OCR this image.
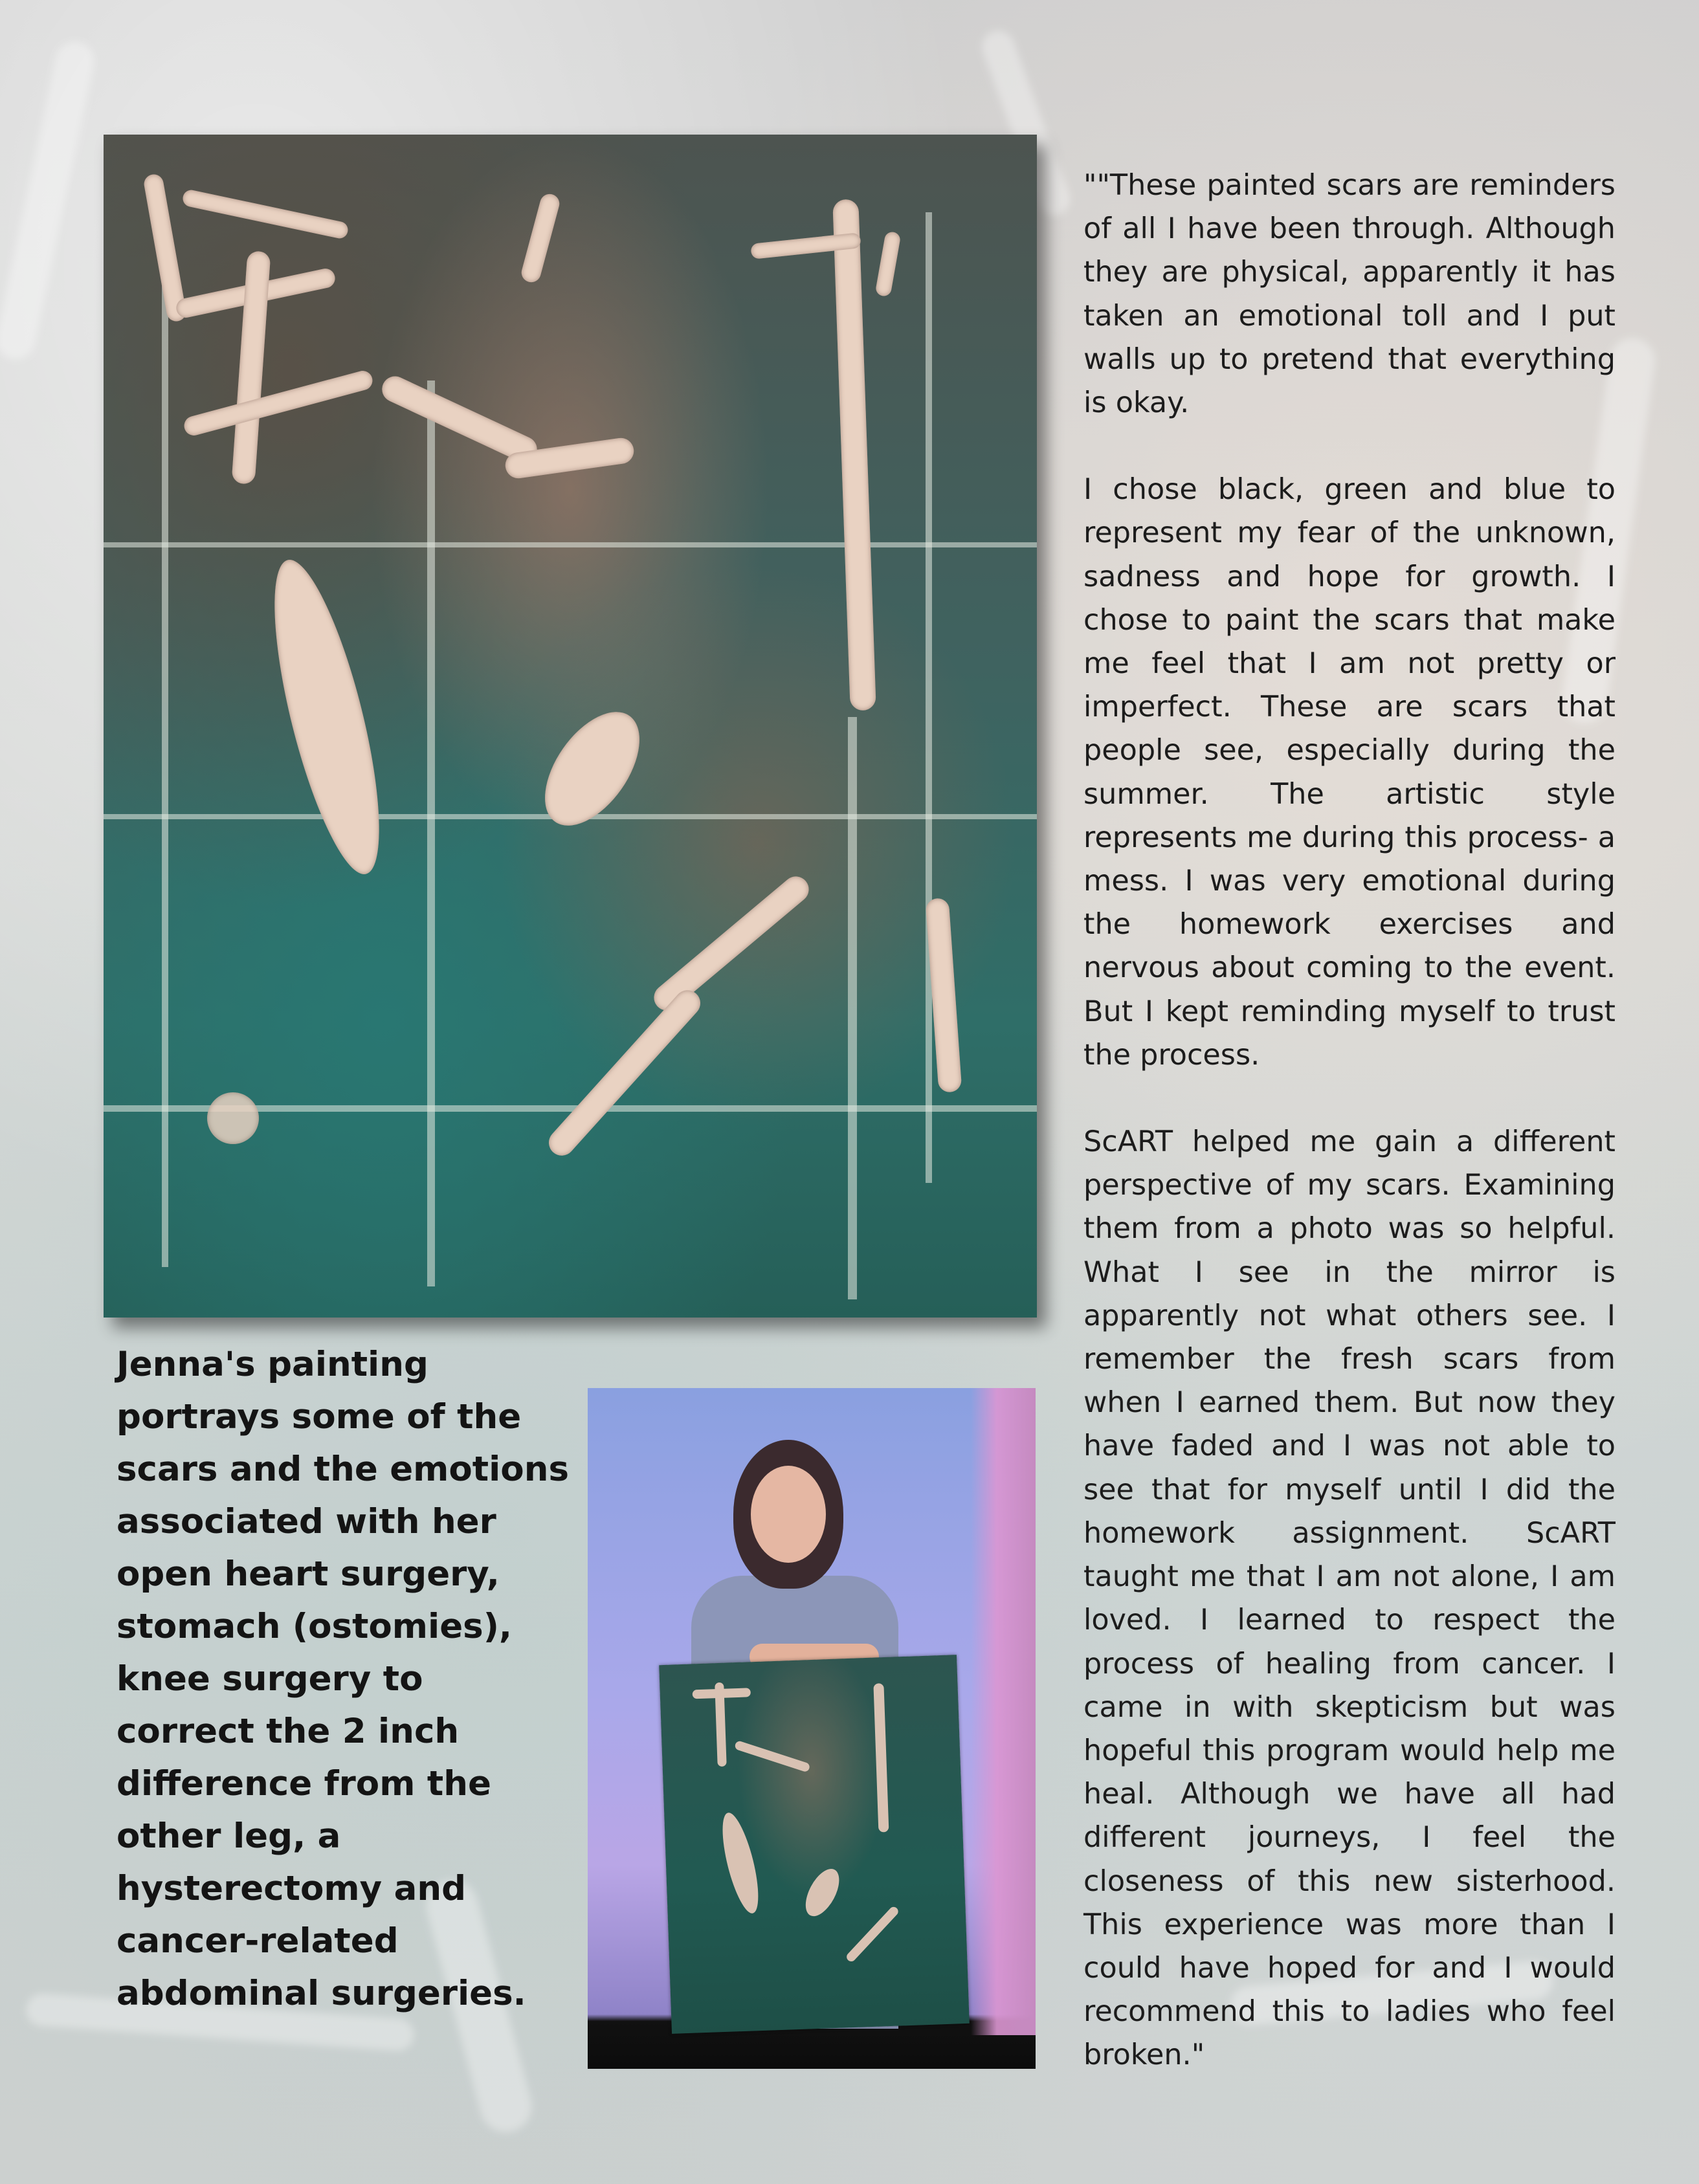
Jenna's painting portrays some of the scars and the emotions associated with her open heart surgery, stomach (ostomies), knee surgery to correct the 2 inch difference from the other leg, a hysterectomy and cancer-related abdominal surgeries.

""These painted scars are reminders of all I have been through. Although they are physical, apparently it has taken an emotional toll and I put walls up to pretend that everything is okay.

I chose black, green and blue to represent my fear of the unknown, sadness and hope for growth. I chose to paint the scars that make me feel that I am not pretty or imperfect. These are scars that people see, especially during the summer. The artistic style represents me during this process- a mess. I was very emotional during the homework exercises and nervous about coming to the event. But I kept reminding myself to trust the process.

ScART helped me gain a different perspective of my scars. Examining them from a photo was so helpful. What I see in the mirror is apparently not what others see. I remember the fresh scars from when I earned them. But now they have faded and I was not able to see that for myself until I did the homework assignment. ScART taught me that I am not alone, I am loved. I learned to respect the process of healing from cancer. I came in with skepticism but was hopeful this program would help me heal. Although we have all had different journeys, I feel the closeness of this new sisterhood. This experience was more than I could have hoped for and I would recommend this to ladies who feel broken."
